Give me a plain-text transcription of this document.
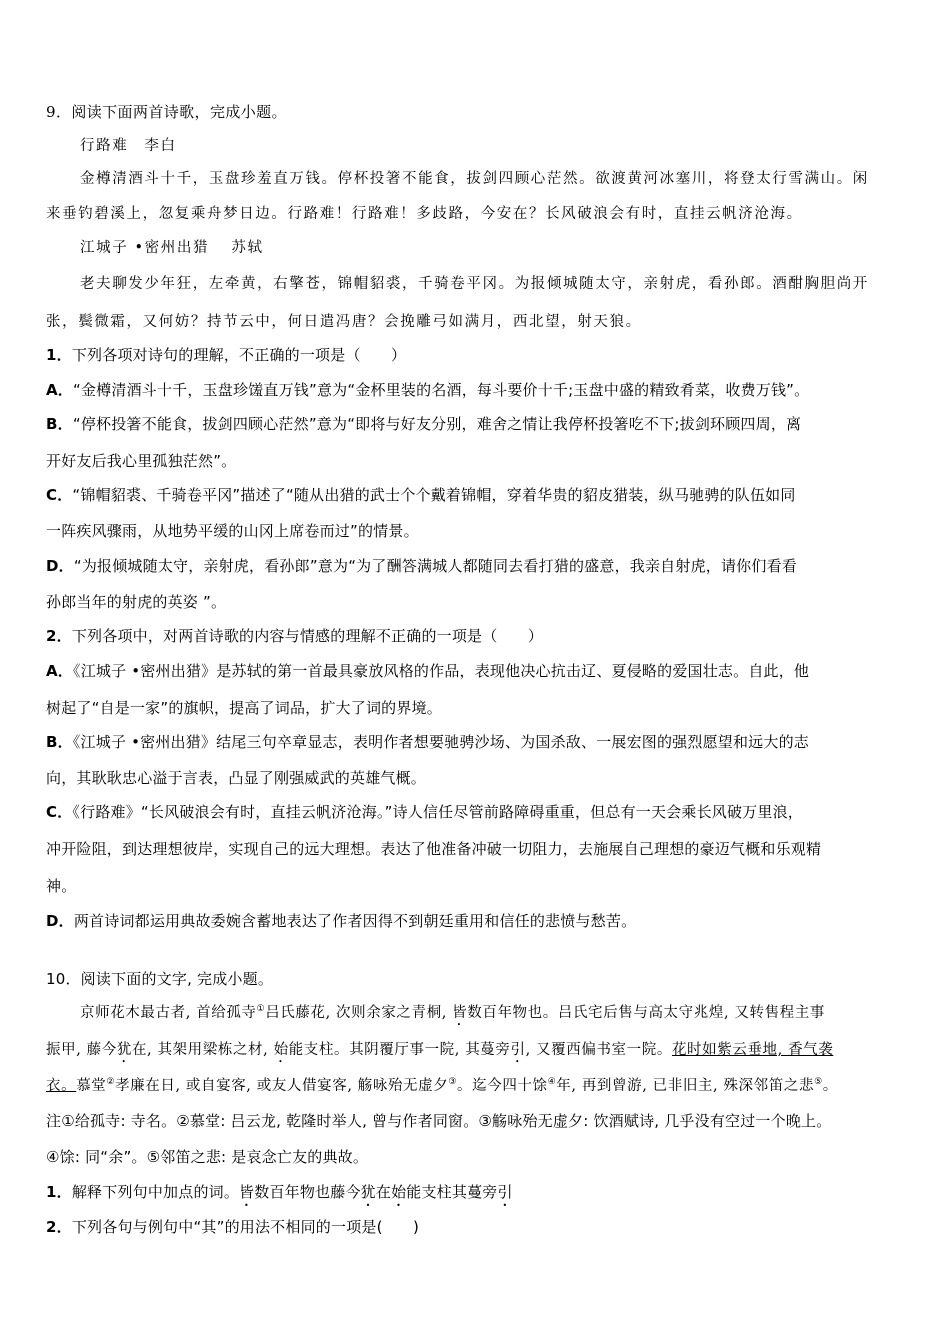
9．阅读下面两首诗歌，完成小题。
行路难　李白
金樽清酒斗十千，玉盘珍羞直万钱。停杯投箸不能食，拔剑四顾心茫然。欲渡黄河冰塞川，将登太行雪满山。闲
来垂钓碧溪上，忽复乘舟梦日边。行路难！行路难！多歧路，今安在？长风破浪会有时，直挂云帆济沧海。
江城子 •密州出猎　 苏轼
老夫聊发少年狂，左牵黄，右擎苍，锦帽貂裘，千骑卷平冈。为报倾城随太守，亲射虎，看孙郎。酒酣胸胆尚开
张，鬓微霜，又何妨？持节云中，何日遣冯唐？会挽雕弓如满月，西北望，射天狼。
1．下列各项对诗句的理解，不正确的一项是（　　）
A．“金樽清酒斗十千，玉盘珍馐直万钱”意为“金杯里装的名酒，每斗要价十千;玉盘中盛的精致肴菜，收费万钱”。
B．“停杯投箸不能食，拔剑四顾心茫然”意为“即将与好友分别，难舍之情让我停杯投箸吃不下;拔剑环顾四周，离
开好友后我心里孤独茫然”。
C．“锦帽貂裘、千骑卷平冈”描述了“随从出猎的武士个个戴着锦帽，穿着华贵的貂皮猎装，纵马驰骋的队伍如同
一阵疾风骤雨，从地势平缓的山冈上席卷而过”的情景。
D．“为报倾城随太守，亲射虎，看孙郎”意为“为了酬答满城人都随同去看打猎的盛意，我亲自射虎，请你们看看
孙郎当年的射虎的英姿 ”。
2．下列各项中，对两首诗歌的内容与情感的理解不正确的一项是（　　）
A．《江城子 •密州出猎》是苏轼的第一首最具豪放风格的作品，表现他决心抗击辽、夏侵略的爱国壮志。自此，他
树起了“自是一家”的旗帜，提高了词品，扩大了词的界境。
B．《江城子 •密州出猎》结尾三句卒章显志，表明作者想要驰骋沙场、为国杀敌、一展宏图的强烈愿望和远大的志
向，其耿耿忠心溢于言表，凸显了刚强威武的英雄气概。
C．《行路难》“长风破浪会有时，直挂云帆济沧海。”诗人信任尽管前路障碍重重，但总有一天会乘长风破万里浪，
冲开险阻，到达理想彼岸，实现自己的远大理想。表达了他准备冲破一切阻力，去施展自己理想的豪迈气概和乐观精
神。
D．两首诗词都运用典故委婉含蓄地表达了作者因得不到朝廷重用和信任的悲愤与愁苦。
10．阅读下面的文字, 完成小题。
京师花木最古者, 首给孤寺①吕氏藤花, 次则余家之青桐, 皆数百年物也。吕氏宅后售与高太守兆煌, 又转售程主事
振甲, 藤今犹在, 其架用梁栋之材, 始能支柱。其阴覆厅事一院, 其蔓旁引, 又覆西偏书室一院。花时如紫云垂地, 香气袭
衣。慕堂②孝廉在日, 或自宴客, 或友人借宴客, 觞咏殆无虚夕③。迄今四十馀④年, 再到曾游, 已非旧主, 殊深邻笛之悲⑤。
注①给孤寺: 寺名。②慕堂: 吕云龙, 乾隆时举人, 曾与作者同窗。③觞咏殆无虚夕: 饮酒赋诗, 几乎没有空过一个晚上。
④馀: 同“余”。⑤邻笛之悲: 是哀念亡友的典故。
1．解释下列句中加点的词。皆数百年物也藤今犹在始能支柱其蔓旁引
2．下列各句与例句中“其”的用法不相同的一项是(　　)
